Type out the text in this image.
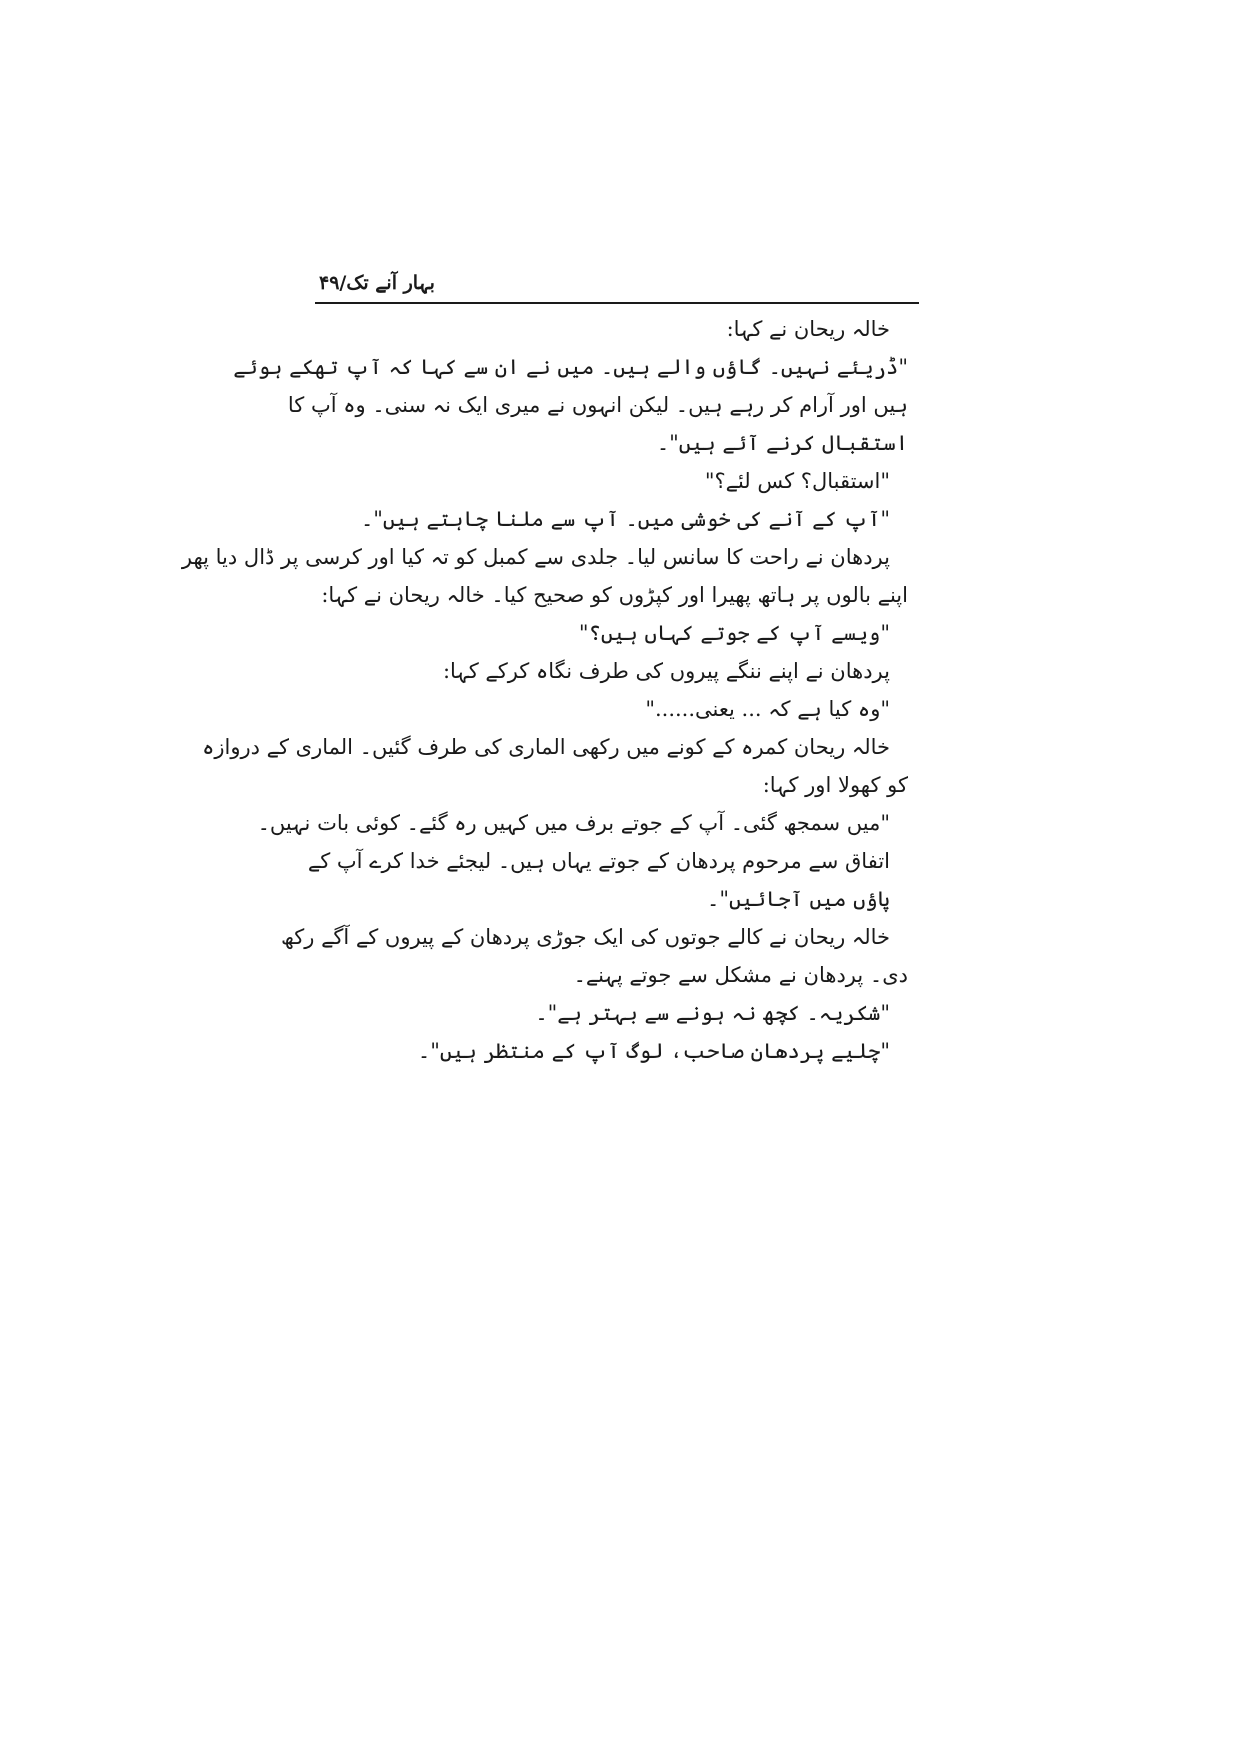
بہار آنے تک/۴۹
خالہ ریحان نے کہا:
"ڈریئے نہیں۔ گاؤں والے ہیں۔ میں نے ان سے کہا کہ آپ تھکے ہوئے
ہیں اور آرام کر رہے ہیں۔ لیکن انہوں نے میری ایک نہ سنی۔ وہ آپ کا
استقبال کرنے آئے ہیں"۔
"استقبال؟ کس لئے؟"
"آپ کے آنے کی خوشی میں۔ آپ سے ملنا چاہتے ہیں"۔
پردھان نے راحت کا سانس لیا۔ جلدی سے کمبل کو تہ کیا اور کرسی پر ڈال دیا پھر
اپنے بالوں پر ہاتھ پھیرا اور کپڑوں کو صحیح کیا۔ خالہ ریحان نے کہا:
"ویسے آپ کے جوتے کہاں ہیں؟"
پردھان نے اپنے ننگے پیروں کی طرف نگاہ کرکے کہا:
"وہ کیا ہے کہ ... یعنی......"
خالہ ریحان کمرہ کے کونے میں رکھی الماری کی طرف گئیں۔ الماری کے دروازہ
کو کھولا اور کہا:
"میں سمجھ گئی۔ آپ کے جوتے برف میں کہیں رہ گئے۔ کوئی بات نہیں۔
اتفاق سے مرحوم پردھان کے جوتے یہاں ہیں۔ لیجئے خدا کرے آپ کے
پاؤں میں آجائیں"۔
خالہ ریحان نے کالے جوتوں کی ایک جوڑی پردھان کے پیروں کے آگے رکھ
دی۔ پردھان نے مشکل سے جوتے پہنے۔
"شکریہ۔ کچھ نہ ہونے سے بہتر ہے"۔
"چلیے پردھان صاحب، لوگ آپ کے منتظر ہیں"۔
